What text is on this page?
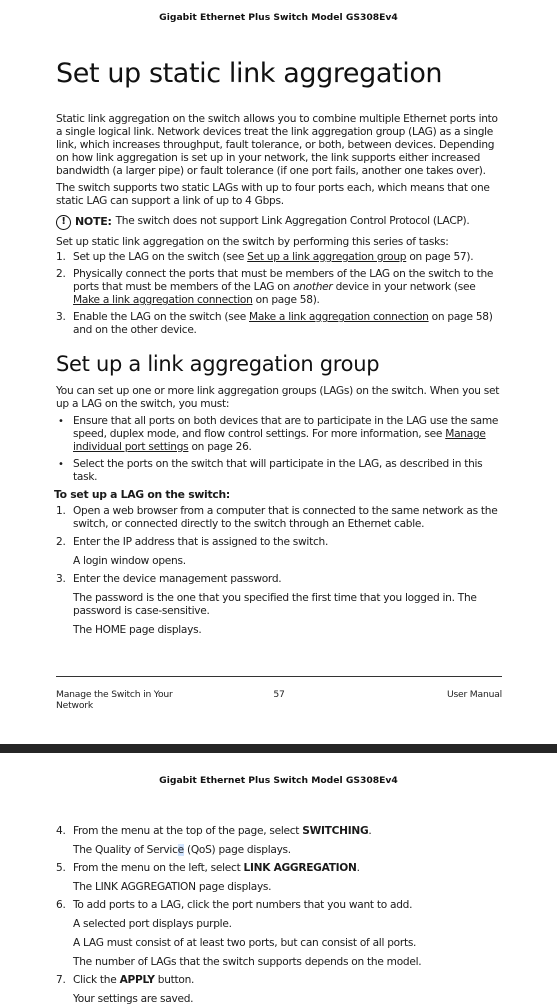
Gigabit Ethernet Plus Switch Model GS308Ev4
Set up static link aggregation

Static link aggregation on the switch allows you to combine multiple Ethernet ports into a single logical link. Network devices treat the link aggregation group (LAG) as a single link, which increases throughput, fault tolerance, or both, between devices. Depending on how link aggregation is set up in your network, the link supports either increased bandwidth (a larger pipe) or fault tolerance (if one port fails, another one takes over).

The switch supports two static LAGs with up to four ports each, which means that one static LAG can support a link of up to 4 Gbps.

! NOTE: The switch does not support Link Aggregation Control Protocol (LACP).

Set up static link aggregation on the switch by performing this series of tasks:

1. Set up the LAG on the switch (see Set up a link aggregation group on page 57).
2. Physically connect the ports that must be members of the LAG on the switch to the ports that must be members of the LAG on another device in your network (see Make a link aggregation connection on page 58).
3. Enable the LAG on the switch (see Make a link aggregation connection on page 58) and on the other device.
Set up a link aggregation group

You can set up one or more link aggregation groups (LAGs) on the switch. When you set up a LAG on the switch, you must:

• Ensure that all ports on both devices that are to participate in the LAG use the same speed, duplex mode, and flow control settings. For more information, see Manage individual port settings on page 26.
• Select the ports on the switch that will participate in the LAG, as described in this task.

To set up a LAG on the switch:

1. Open a web browser from a computer that is connected to the same network as the switch, or connected directly to the switch through an Ethernet cable.
2. Enter the IP address that is assigned to the switch.

A login window opens.

3. Enter the device management password.

The password is the one that you specified the first time that you logged in. The password is case-sensitive.

The HOME page displays.

Manage the Switch in Your Network
57	User Manual
Gigabit Ethernet Plus Switch Model GS308Ev4
4. From the menu at the top of the page, select SWITCHING.

The Quality of Service (QoS) page displays.

5. From the menu on the left, select LINK AGGREGATION.

The LINK AGGREGATION page displays.

6. To add ports to a LAG, click the port numbers that you want to add.

A selected port displays purple.

A LAG must consist of at least two ports, but can consist of all ports.

The number of LAGs that the switch supports depends on the model.

7. Click the APPLY button.

Your settings are saved.
